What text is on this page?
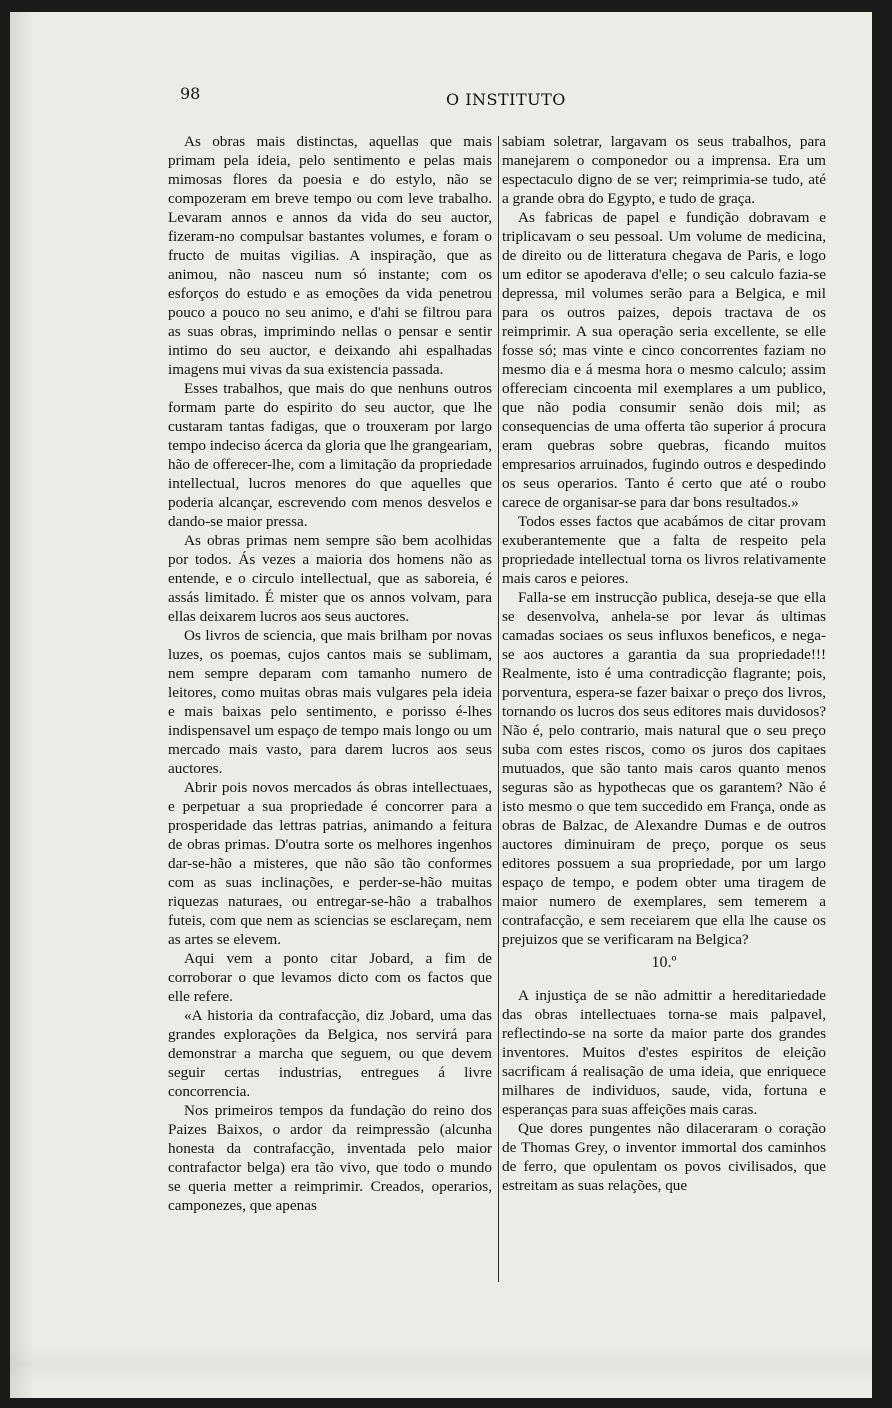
98	O INSTITUTO

As obras mais distinctas, aquellas que mais primam pela ideia, pelo sentimento e pelas mais mimosas flores da poesia e do estylo, não se compozeram em breve tempo ou com leve trabalho. Levaram annos e annos da vida do seu auctor, fizeram-no compulsar bastantes volumes, e foram o fructo de muitas vigilias. A inspiração, que as animou, não nasceu num só instante; com os esforços do estudo e as emoções da vida penetrou pouco a pouco no seu animo, e d'ahi se filtrou para as suas obras, imprimindo nellas o pensar e sentir intimo do seu auctor, e deixando ahi espalhadas imagens mui vivas da sua existencia passada.

Esses trabalhos, que mais do que nenhuns outros formam parte do espirito do seu auctor, que lhe custaram tantas fadigas, que o trouxeram por largo tempo indeciso ácerca da gloria que lhe grangeariam, hão de offerecer-lhe, com a limitação da propriedade intellectual, lucros menores do que aquelles que poderia alcançar, escrevendo com menos desvelos e dando-se maior pressa.

As obras primas nem sempre são bem acolhidas por todos. Ás vezes a maioria dos homens não as entende, e o circulo intellectual, que as saboreia, é assás limitado. É mister que os annos volvam, para ellas deixarem lucros aos seus auctores.

Os livros de sciencia, que mais brilham por novas luzes, os poemas, cujos cantos mais se sublimam, nem sempre deparam com tamanho numero de leitores, como muitas obras mais vulgares pela ideia e mais baixas pelo sentimento, e porisso é-lhes indispensavel um espaço de tempo mais longo ou um mercado mais vasto, para darem lucros aos seus auctores.

Abrir pois novos mercados ás obras intellectuaes, e perpetuar a sua propriedade é concorrer para a prosperidade das lettras patrias, animando a feitura de obras primas. D'outra sorte os melhores ingenhos dar-se-hão a misteres, que não são tão conformes com as suas inclinações, e perder-se-hão muitas riquezas naturaes, ou entregar-se-hão a trabalhos futeis, com que nem as sciencias se esclareçam, nem as artes se elevem.

Aqui vem a ponto citar Jobard, a fim de corroborar o que levamos dicto com os factos que elle refere.

«A historia da contrafacção, diz Jobard, uma das grandes explorações da Belgica, nos servirá para demonstrar a marcha que seguem, ou que devem seguir certas industrias, entregues á livre concorrencia.

Nos primeiros tempos da fundação do reino dos Paizes Baixos, o ardor da reimpressão (alcunha honesta da contrafacção, inventada pelo maior contrafactor belga) era tão vivo, que todo o mundo se queria metter a reimprimir. Creados, operarios, camponezes, que apenas

sabiam soletrar, largavam os seus trabalhos, para manejarem o componedor ou a imprensa. Era um espectaculo digno de se ver; reimprimia-se tudo, até a grande obra do Egypto, e tudo de graça.

As fabricas de papel e fundição dobravam e triplicavam o seu pessoal. Um volume de medicina, de direito ou de litteratura chegava de Paris, e logo um editor se apoderava d'elle; o seu calculo fazia-se depressa, mil volumes serão para a Belgica, e mil para os outros paizes, depois tractava de os reimprimir. A sua operação seria excellente, se elle fosse só; mas vinte e cinco concorrentes faziam no mesmo dia e á mesma hora o mesmo calculo; assim offereciam cincoenta mil exemplares a um publico, que não podia consumir senão dois mil; as consequencias de uma offerta tão superior á procura eram quebras sobre quebras, ficando muitos empresarios arruinados, fugindo outros e despedindo os seus operarios. Tanto é certo que até o roubo carece de organisar-se para dar bons resultados.»

Todos esses factos que acabámos de citar provam exuberantemente que a falta de respeito pela propriedade intellectual torna os livros relativamente mais caros e peiores.

Falla-se em instrucção publica, deseja-se que ella se desenvolva, anhela-se por levar ás ultimas camadas sociaes os seus influxos beneficos, e nega-se aos auctores a garantia da sua propriedade!!! Realmente, isto é uma contradicção flagrante; pois, porventura, espera-se fazer baixar o preço dos livros, tornando os lucros dos seus editores mais duvidosos? Não é, pelo contrario, mais natural que o seu preço suba com estes riscos, como os juros dos capitaes mutuados, que são tanto mais caros quanto menos seguras são as hypothecas que os garantem? Não é isto mesmo o que tem succedido em França, onde as obras de Balzac, de Alexandre Dumas e de outros auctores diminuiram de preço, porque os seus editores possuem a sua propriedade, por um largo espaço de tempo, e podem obter uma tiragem de maior numero de exemplares, sem temerem a contrafacção, e sem receiarem que ella lhe cause os prejuizos que se verificaram na Belgica?

10.º

A injustiça de se não admittir a hereditariedade das obras intellectuaes torna-se mais palpavel, reflectindo-se na sorte da maior parte dos grandes inventores. Muitos d'estes espiritos de eleição sacrificam á realisação de uma ideia, que enriquece milhares de individuos, saude, vida, fortuna e esperanças para suas affeições mais caras.

Que dores pungentes não dilaceraram o coração de Thomas Grey, o inventor immortal dos caminhos de ferro, que opulentam os povos civilisados, que estreitam as suas relações, que
